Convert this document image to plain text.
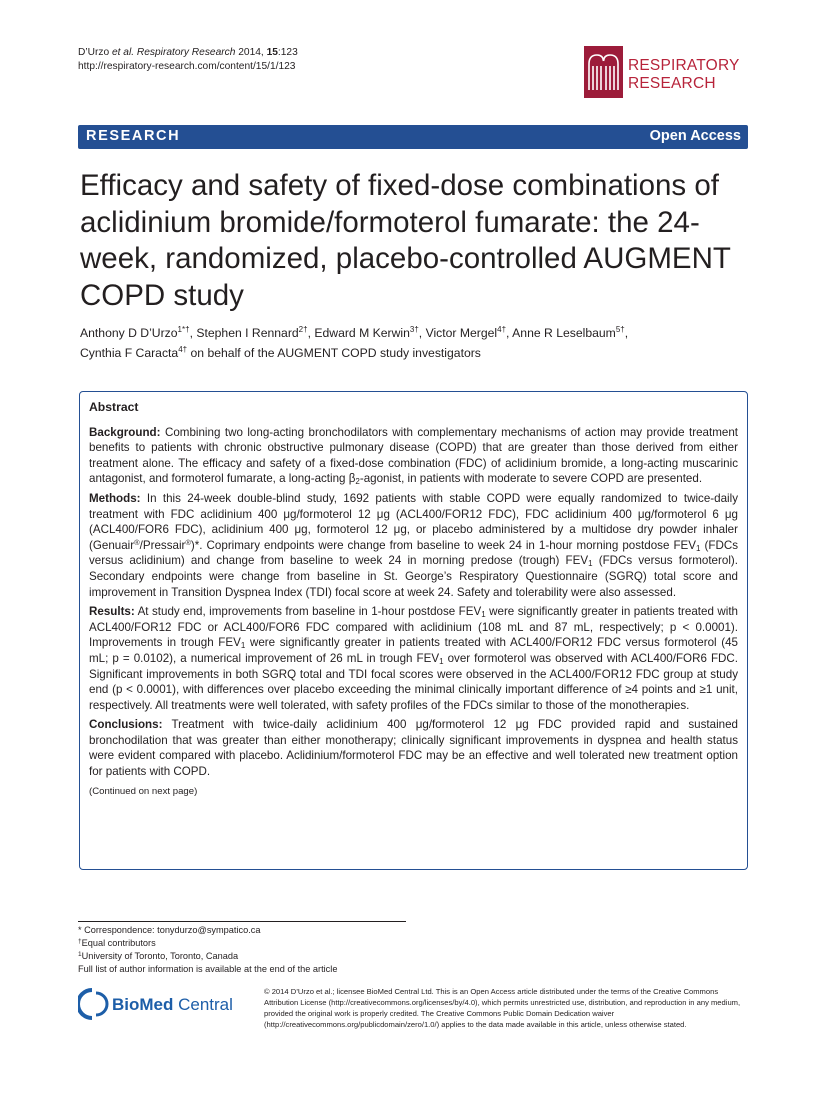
D’Urzo et al. Respiratory Research 2014, 15:123
http://respiratory-research.com/content/15/1/123	RESPIRATORY
RESEARCH
RESEARCH	Open Access
Efficacy and safety of fixed-dose combinations of aclidinium bromide/formoterol fumarate: the 24-week, randomized, placebo-controlled AUGMENT COPD study
Anthony D D’Urzo$^{1*\dagger}$, Stephen I Rennard$^{2\dagger}$, Edward M Kerwin$^{3\dagger}$, Victor Mergel$^{4\dagger}$, Anne R Leselbaum$^{5\dagger}$,
Cynthia F Caracta$^{4\dagger}$ on behalf of the AUGMENT COPD study investigators
Abstract
Background: Combining two long-acting bronchodilators with complementary mechanisms of action may provide treatment benefits to patients with chronic obstructive pulmonary disease (COPD) that are greater than those derived from either treatment alone. The efficacy and safety of a fixed-dose combination (FDC) of aclidinium bromide, a long-acting muscarinic antagonist, and formoterol fumarate, a long-acting $\beta_2$-agonist, in patients with moderate to severe COPD are presented.
Methods: In this 24-week double-blind study, 1692 patients with stable COPD were equally randomized to twice-daily treatment with FDC aclidinium 400 μg/formoterol 12 μg (ACL400/FOR12 FDC), FDC aclidinium 400 μg/formoterol 6 μg (ACL400/FOR6 FDC), aclidinium 400 μg, formoterol 12 μg, or placebo administered by a multidose dry powder inhaler (Genuair®/Pressair®)*. Coprimary endpoints were change from baseline to week 24 in 1-hour morning postdose $FEV_1$ (FDCs versus aclidinium) and change from baseline to week 24 in morning predose (trough) $FEV_1$ (FDCs versus formoterol). Secondary endpoints were change from baseline in St. George’s Respiratory Questionnaire (SGRQ) total score and improvement in Transition Dyspnea Index (TDI) focal score at week 24. Safety and tolerability were also assessed.
Results: At study end, improvements from baseline in 1-hour postdose $FEV_1$ were significantly greater in patients treated with ACL400/FOR12 FDC or ACL400/FOR6 FDC compared with aclidinium (108 mL and 87 mL, respectively; p < 0.0001). Improvements in trough $FEV_1$ were significantly greater in patients treated with ACL400/FOR12 FDC versus formoterol (45 mL; p = 0.0102), a numerical improvement of 26 mL in trough $FEV_1$ over formoterol was observed with ACL400/FOR6 FDC. Significant improvements in both SGRQ total and TDI focal scores were observed in the ACL400/FOR12 FDC group at study end (p < 0.0001), with differences over placebo exceeding the minimal clinically important difference of ≥4 points and ≥1 unit, respectively. All treatments were well tolerated, with safety profiles of the FDCs similar to those of the monotherapies.
Conclusions: Treatment with twice-daily aclidinium 400 μg/formoterol 12 μg FDC provided rapid and sustained bronchodilation that was greater than either monotherapy; clinically significant improvements in dyspnea and health status were evident compared with placebo. Aclidinium/formoterol FDC may be an effective and well tolerated new treatment option for patients with COPD.
(Continued on next page)
* Correspondence: tonydurzo@sympatico.ca
†Equal contributors
$^1$University of Toronto, Toronto, Canada
Full list of author information is available at the end of the article
BioMed Central
© 2014 D’Urzo et al.; licensee BioMed Central Ltd. This is an Open Access article distributed under the terms of the Creative Commons Attribution License (http://creativecommons.org/licenses/by/4.0), which permits unrestricted use, distribution, and reproduction in any medium, provided the original work is properly credited. The Creative Commons Public Domain Dedication waiver (http://creativecommons.org/publicdomain/zero/1.0/) applies to the data made available in this article, unless otherwise stated.
